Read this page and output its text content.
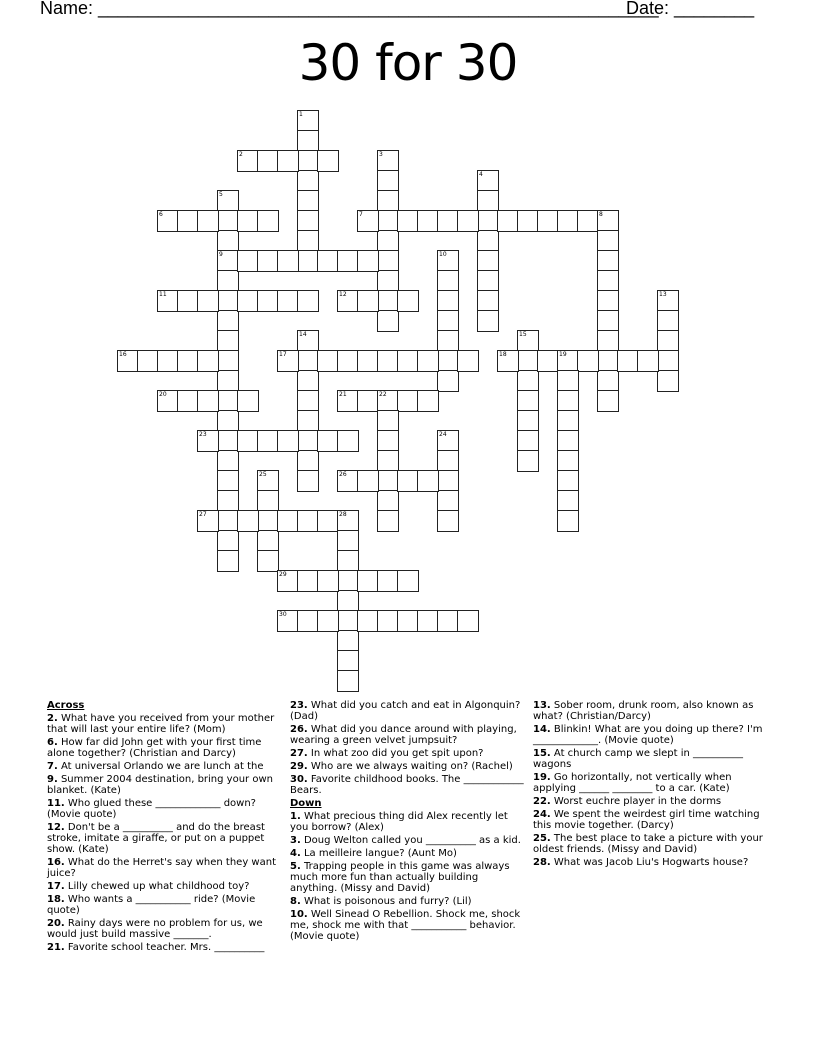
Name: ________________________________________________________
Date: ________
30 for 30
1
2	3
4
5
9
6	7	8
10
11	12	13
14	15
16	17	18	19
20	21	22
23	24
25	26
27	28
29
30
Across
2. What have you received from your mother that will last your entire life? (Mom)
6. How far did John get with your first time alone together? (Christian and Darcy)
7. At universal Orlando we are lunch at the
9. Summer 2004 destination, bring your own blanket. (Kate)
11. Who glued these _____________ down? (Movie quote)
12. Don't be a __________ and do the breast stroke, imitate a giraffe, or put on a puppet show. (Kate)
16. What do the Herret's say when they want juice?
17. Lilly chewed up what childhood toy?
18. Who wants a ___________ ride? (Movie quote)
20. Rainy days were no problem for us, we would just build massive _______.
21. Favorite school teacher. Mrs. __________
23. What did you catch and eat in Algonquin? (Dad)
26. What did you dance around with playing, wearing a green velvet jumpsuit?
27. In what zoo did you get spit upon?
29. Who are we always waiting on? (Rachel)
30. Favorite childhood books. The ____________ Bears.
Down
1. What precious thing did Alex recently let you borrow? (Alex)
3. Doug Welton called you __________ as a kid.
4. La meilleire langue? (Aunt Mo)
5. Trapping people in this game was always much more fun than actually building anything. (Missy and David)
8. What is poisonous and furry? (Lil)
10. Well Sinead O Rebellion. Shock me, shock me, shock me with that ___________ behavior. (Movie quote)
13. Sober room, drunk room, also known as what? (Christian/Darcy)
14. Blinkin! What are you doing up there? I'm _____________. (Movie quote)
15. At church camp we slept in __________ wagons
19. Go horizontally, not vertically when applying ______ ________ to a car. (Kate)
22. Worst euchre player in the dorms
24. We spent the weirdest girl time watching this movie together. (Darcy)
25. The best place to take a picture with your oldest friends. (Missy and David)
28. What was Jacob Liu's Hogwarts house?
